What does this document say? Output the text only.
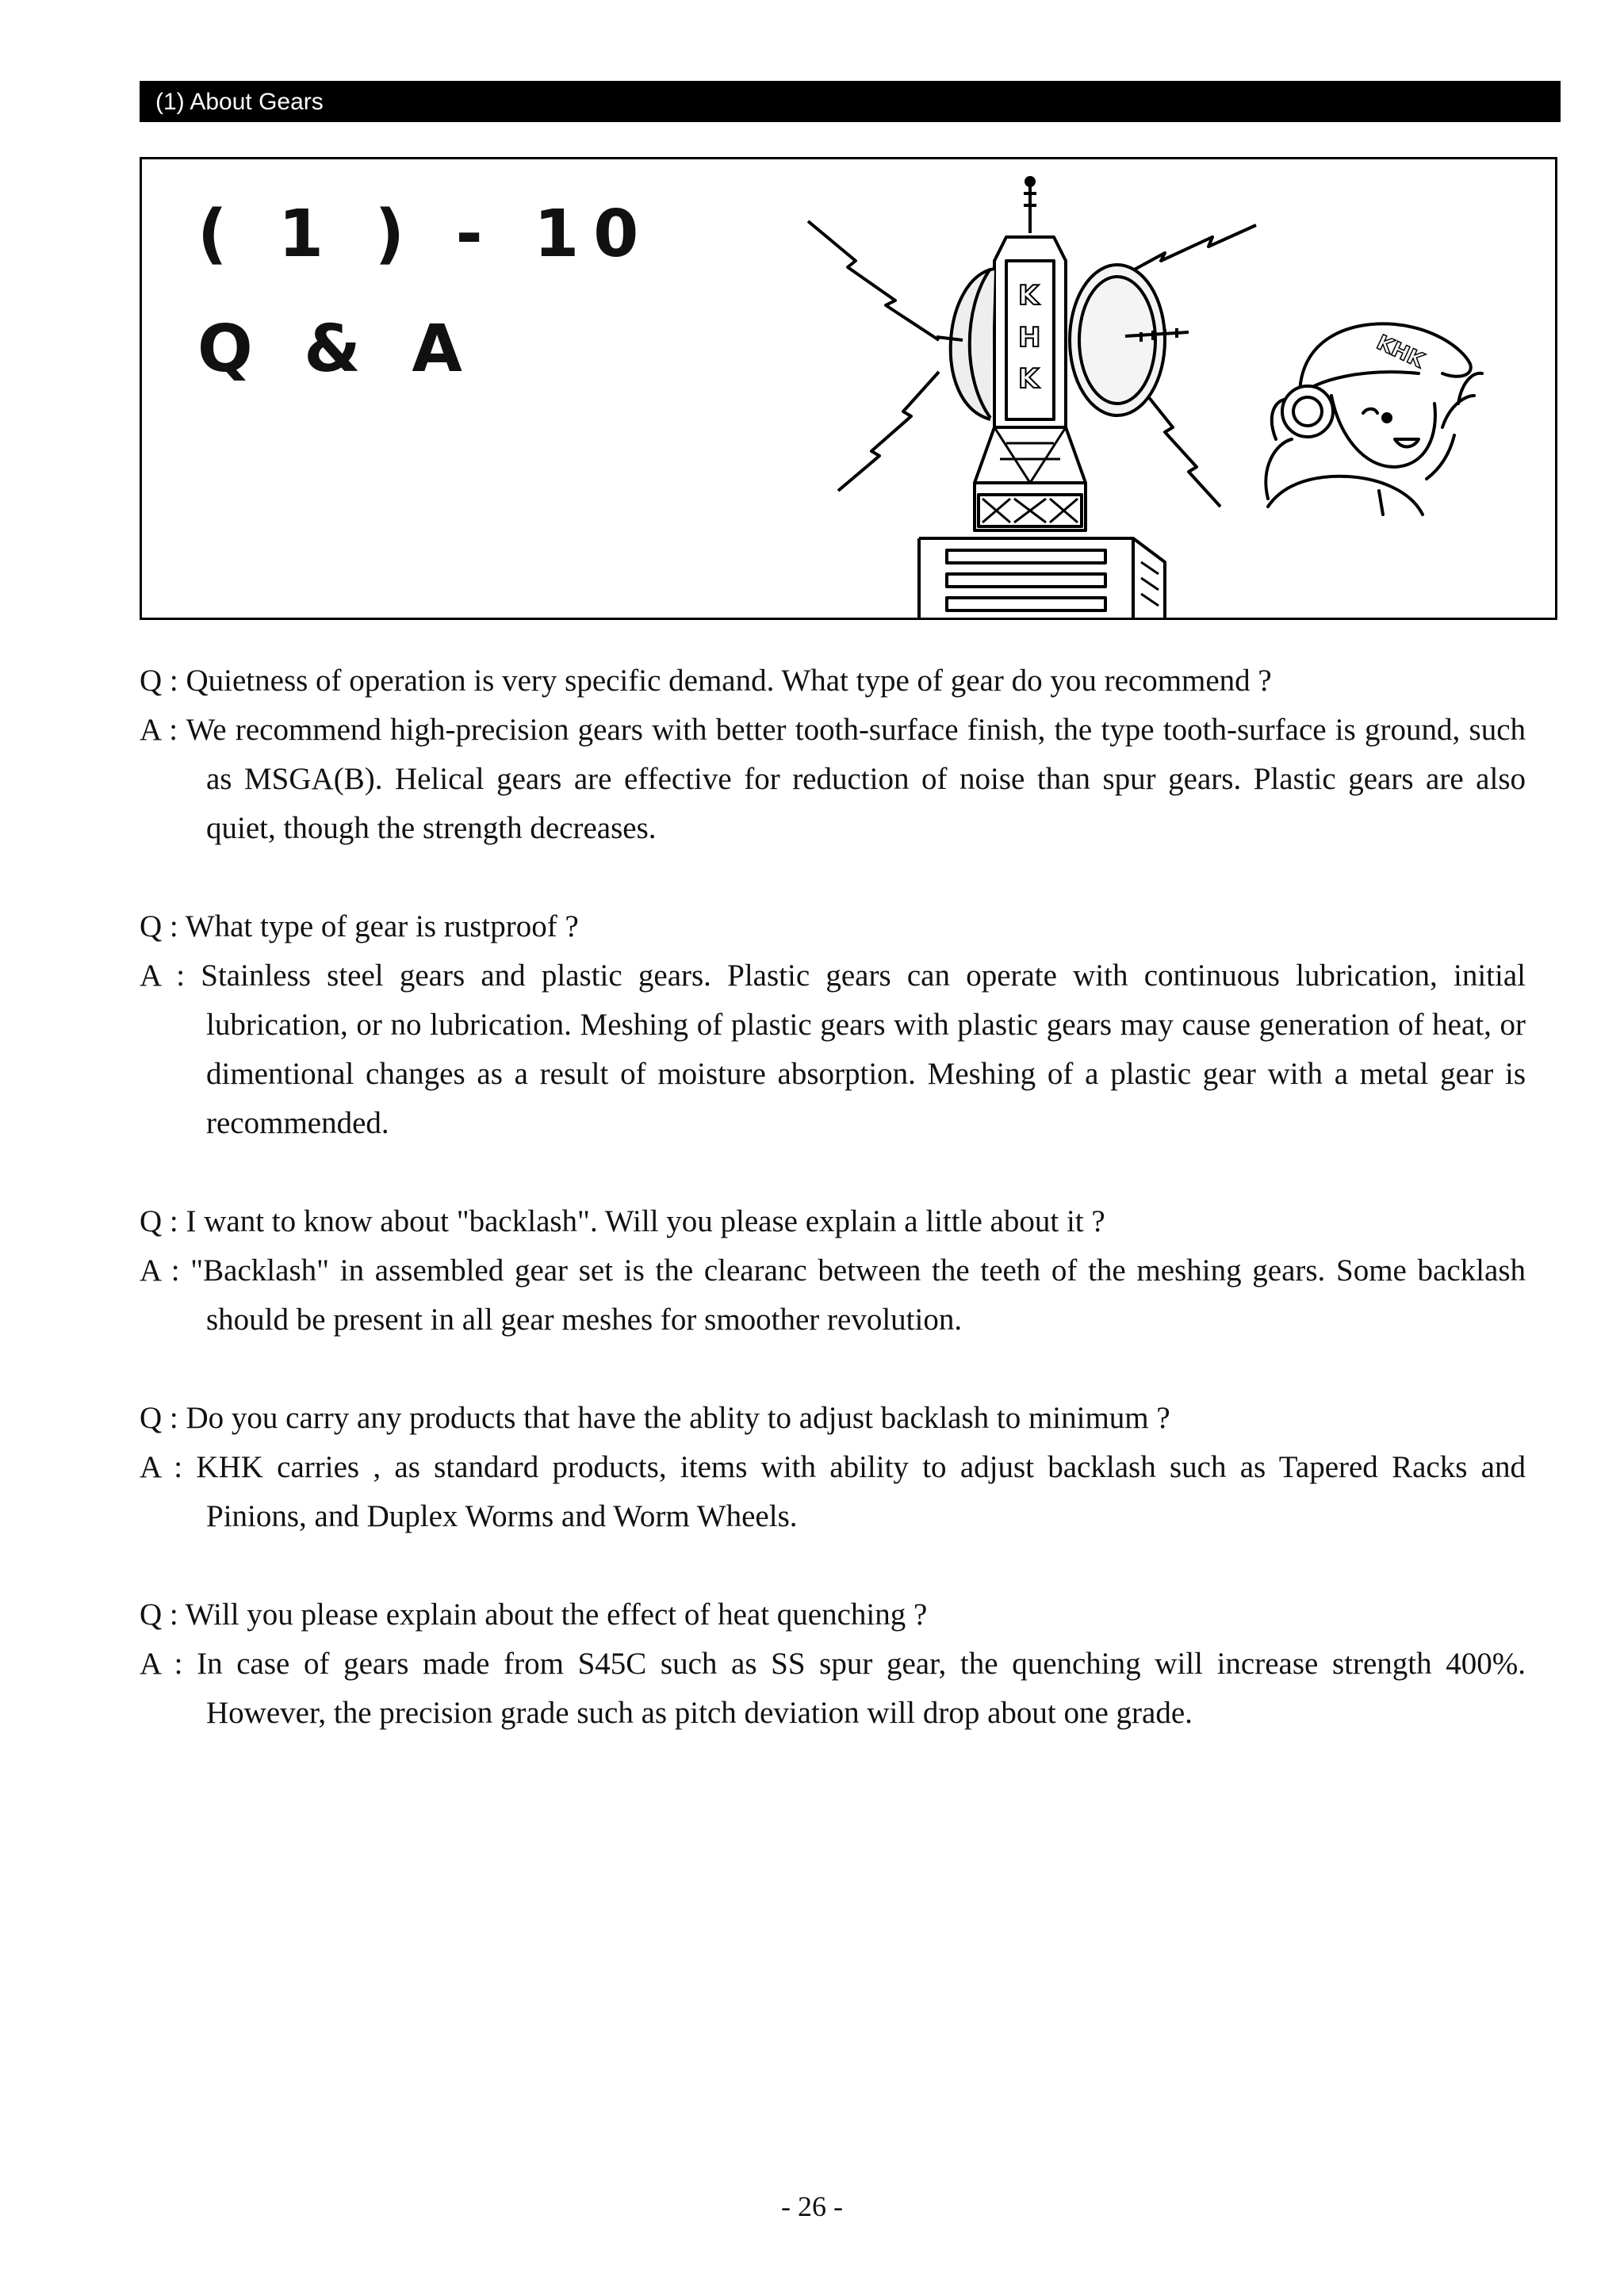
(1) About Gears
( 1 ) - 10
Q & A
K
H
K
KHK

Q : Quietness of operation is very specific demand. What type of gear do you recommend ?

A : We recommend high-precision gears with better tooth-surface finish, the type tooth-surface is ground, such as MSGA(B). Helical gears are effective for reduction of noise than spur gears. Plastic gears are also quiet, though the strength decreases.

Q : What type of gear is rustproof ?

A : Stainless steel gears and plastic gears. Plastic gears can operate with continuous lubrication, initial lubrication, or no lubrication. Meshing of plastic gears with plastic gears may cause generation of heat, or dimentional changes as a result of moisture absorption. Meshing of a plastic gear with a metal gear is recommended.

Q : I want to know about "backlash". Will you please explain a little about it ?

A : "Backlash" in assembled gear set is the clearanc between the teeth of the meshing gears. Some backlash should be present in all gear meshes for smoother revolution.

Q : Do you carry any products that have the ablity to adjust backlash to minimum ?

A : KHK carries , as standard products, items with ability to adjust backlash such as Tapered Racks and Pinions, and Duplex Worms and Worm Wheels.

Q : Will you please explain about the effect of heat quenching ?

A : In case of gears made from S45C such as SS spur gear, the quenching will increase strength 400%. However, the precision grade such as pitch deviation will drop about one grade.

- 26 -
